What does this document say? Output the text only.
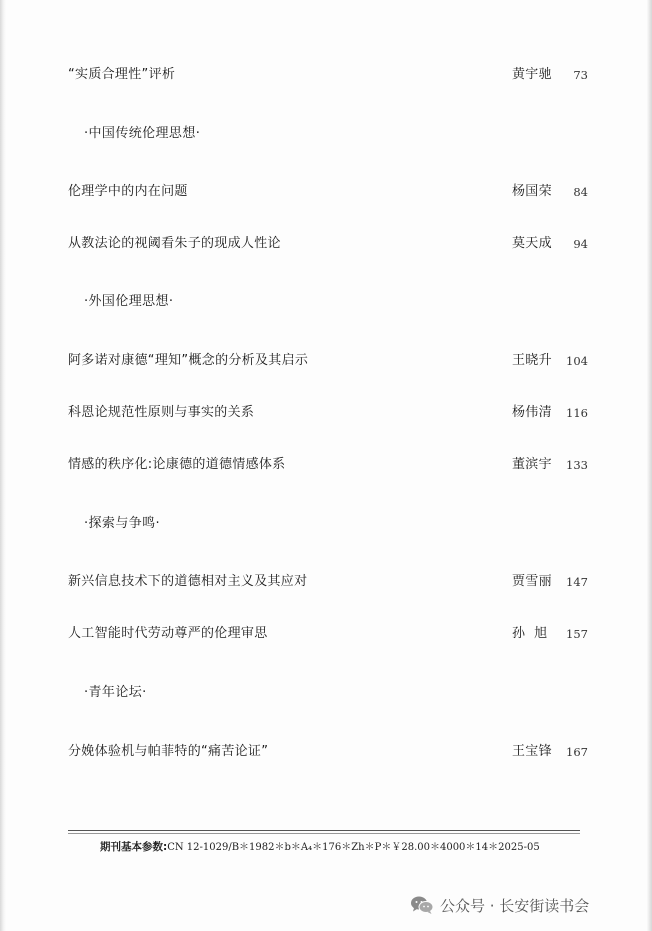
“实质合理性”评析	黄宇驰	73
·中国传统伦理思想·
伦理学中的内在问题	杨国荣	84
从教法论的视阈看朱子的现成人性论	莫天成	94
·外国伦理思想·
阿多诺对康德“理知”概念的分析及其启示	王晓升	104
科恩论规范性原则与事实的关系	杨伟清	116
情感的秩序化:论康德的道德情感体系	董滨宇	133
·探索与争鸣·
新兴信息技术下的道德相对主义及其应对	贾雪丽	147
人工智能时代劳动尊严的伦理审思	孙  旭	157
·青年论坛·
分娩体验机与帕菲特的“痛苦论证”	王宝锋	167
期刊基本参数:CN 12-1029/B＊1982＊b＊A₄＊176＊Zh＊P＊￥28.00＊4000＊14＊2025-05
公众号 · 长安街读书会
